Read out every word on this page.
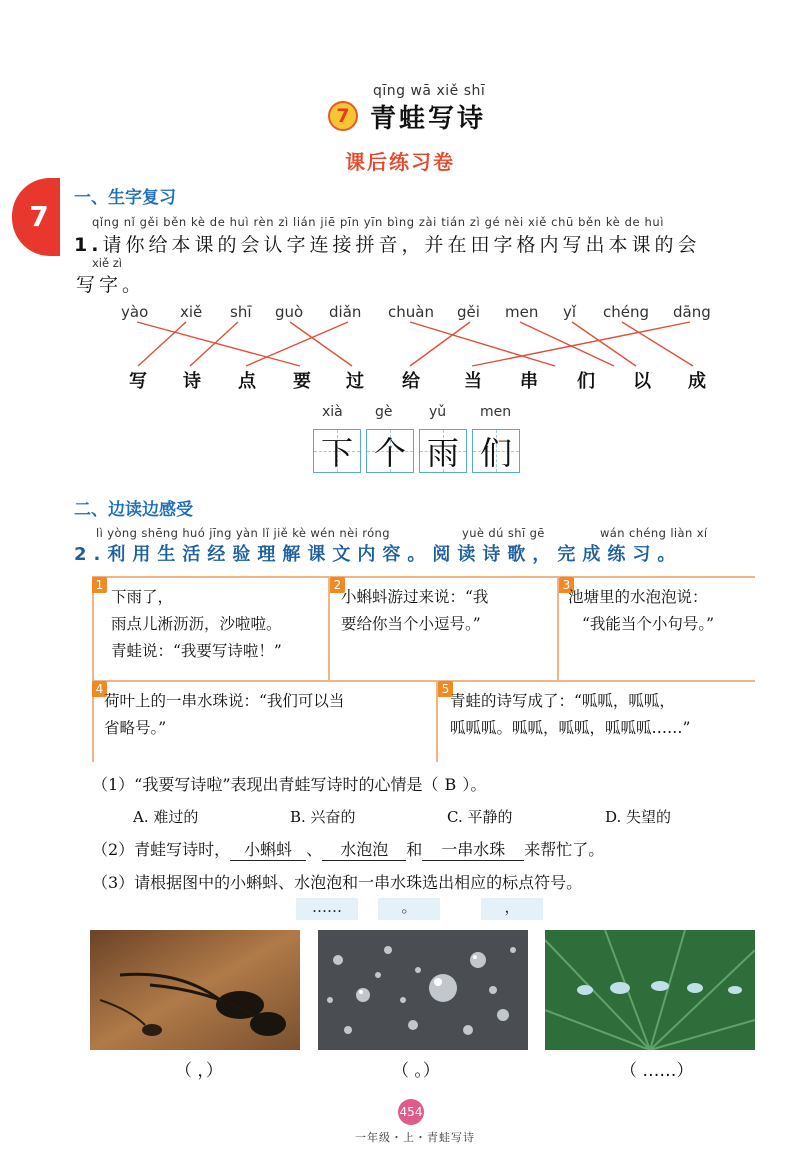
qīng wā xiě shī
7 青蛙写诗
课后练习卷
7
一、生字复习
qǐng nǐ gěi běn kè de huì rèn zì lián jiē pīn yīn bìng zài tián zì gé nèi xiě chū běn kè de huì
1.请你给本课的会认字连接拼音，并在田字格内写出本课的会
xiě zì
写字。
yào xiě shī guò diǎn chuàn gěi men yǐ chéng dāng
写 诗 点 要 过 给 当 串 们 以 成
xià gè	yǔ men
下 个 雨 们
二、边读边感受
lì yòng shēng huó jīng yàn lǐ jiě kè wén nèi róng	yuè dú shī gē	wán chéng liàn xí
2.利用生活经验理解课文内容。阅读诗歌，完成练习。
1
下雨了，
雨点儿淅沥沥，沙啦啦。
青蛙说：“我要写诗啦！”
2
小蝌蚪游过来说：“我
要给你当个小逗号。”
3
池塘里的水泡泡说：
“我能当个小句号。”
4
荷叶上的一串水珠说：“我们可以当
省略号。”
5
青蛙的诗写成了：“呱呱，呱呱，
呱呱呱。呱呱，呱呱，呱呱呱……”
（1）“我要写诗啦”表现出青蛙写诗时的心情是（ B ）。
A. 难过的	B. 兴奋的	C. 平静的	D. 失望的
（2）青蛙写诗时， 小蝌蚪 、 水泡泡 和 一串水珠 来帮忙了。
（3）请根据图中的小蝌蚪、水泡泡和一串水珠选出相应的标点符号。
……	。	，
（ ，）	（ 。）	（ ……）
454
一年级・上・青蛙写诗
